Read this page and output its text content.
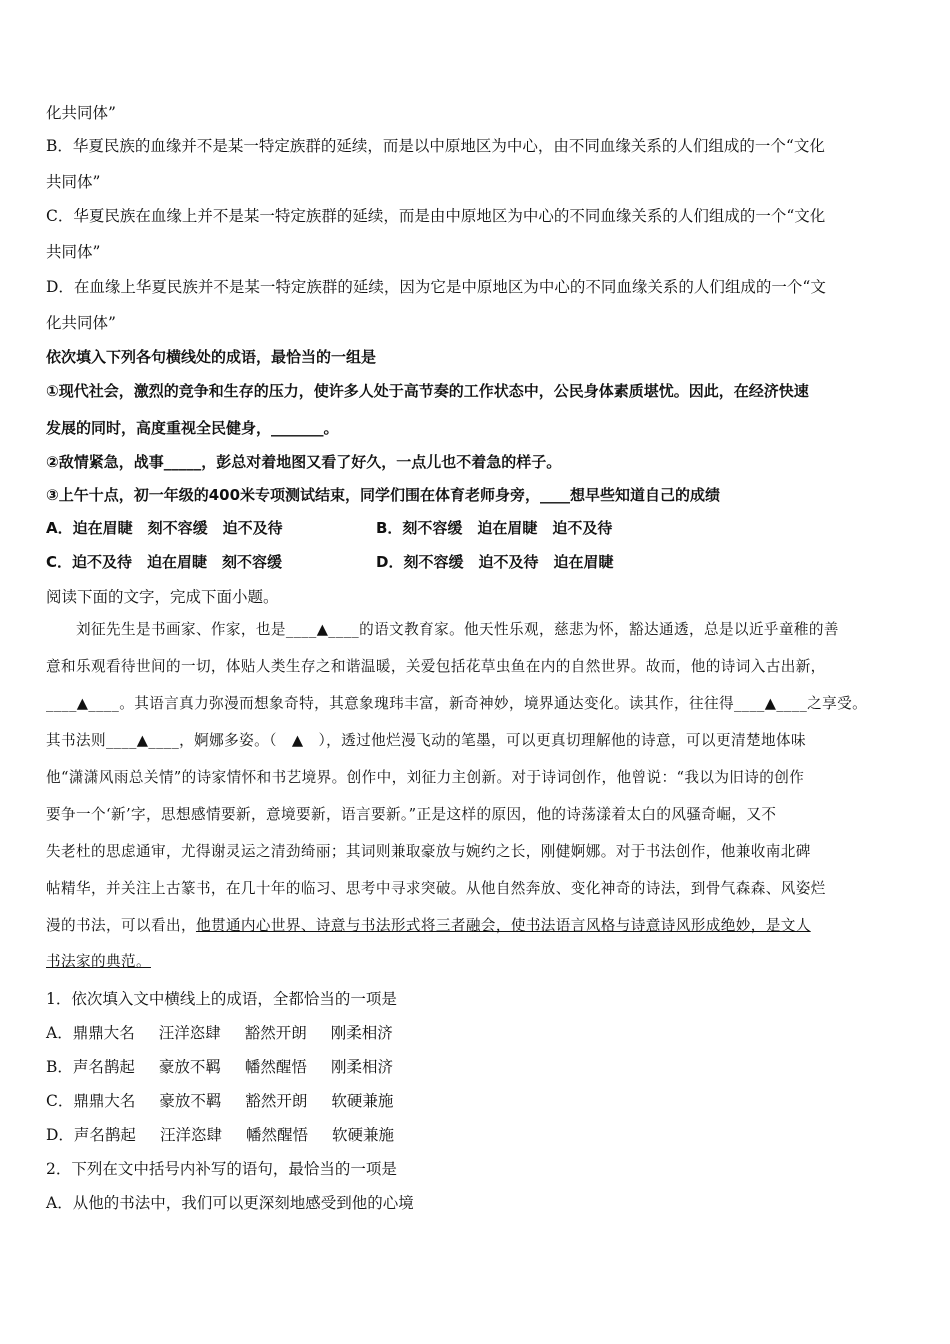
化共同体”
B．华夏民族的血缘并不是某一特定族群的延续，而是以中原地区为中心，由不同血缘关系的人们组成的一个“文化
共同体”
C．华夏民族在血缘上并不是某一特定族群的延续，而是由中原地区为中心的不同血缘关系的人们组成的一个“文化
共同体”
D．在血缘上华夏民族并不是某一特定族群的延续，因为它是中原地区为中心的不同血缘关系的人们组成的一个“文
化共同体”
依次填入下列各句横线处的成语，最恰当的一组是
①现代社会，激烈的竞争和生存的压力，使许多人处于高节奏的工作状态中，公民身体素质堪忧。因此，在经济快速
发展的同时，高度重视全民健身，_______。
②敌情紧急，战事_____，彭总对着地图又看了好久，一点儿也不着急的样子。
③上午十点，初一年级的400米专项测试结束，同学们围在体育老师身旁，____想早些知道自己的成绩
A．迫在眉睫　刻不容缓　迫不及待	B．刻不容缓　迫在眉睫　迫不及待
C．迫不及待　迫在眉睫　刻不容缓	D．刻不容缓　迫不及待　迫在眉睫
阅读下面的文字，完成下面小题。
　　刘征先生是书画家、作家，也是____▲____的语文教育家。他天性乐观，慈悲为怀，豁达通透，总是以近乎童稚的善
意和乐观看待世间的一切，体贴人类生存之和谐温暖，关爱包括花草虫鱼在内的自然世界。故而，他的诗词入古出新，
____▲____。其语言真力弥漫而想象奇特，其意象瑰玮丰富，新奇神妙，境界通达变化。读其作，往往得____▲____之享受。
其书法则____▲____，婀娜多姿。（　▲　），透过他烂漫飞动的笔墨，可以更真切理解他的诗意，可以更清楚地体味
他“潇潇风雨总关情”的诗家情怀和书艺境界。创作中，刘征力主创新。对于诗词创作，他曾说：“我以为旧诗的创作
要争一个‘新’字，思想感情要新，意境要新，语言要新。”正是这样的原因，他的诗荡漾着太白的风骚奇崛，又不
失老杜的思虑通审，尤得谢灵运之清劲绮丽；其词则兼取豪放与婉约之长，刚健婀娜。对于书法创作，他兼收南北碑
帖精华，并关注上古篆书，在几十年的临习、思考中寻求突破。从他自然奔放、变化神奇的诗法，到骨气森森、风姿烂
漫的书法，可以看出，他贯通内心世界、诗意与书法形式将三者融会，使书法语言风格与诗意诗风形成绝妙，是文人
书法家的典范。
1．依次填入文中横线上的成语，全都恰当的一项是
A．鼎鼎大名 汪洋恣肆 豁然开朗 刚柔相济
B．声名鹊起 豪放不羁 幡然醒悟 刚柔相济
C．鼎鼎大名 豪放不羁 豁然开朗 软硬兼施
D．声名鹊起 汪洋恣肆 幡然醒悟 软硬兼施
2．下列在文中括号内补写的语句，最恰当的一项是
A．从他的书法中，我们可以更深刻地感受到他的心境
